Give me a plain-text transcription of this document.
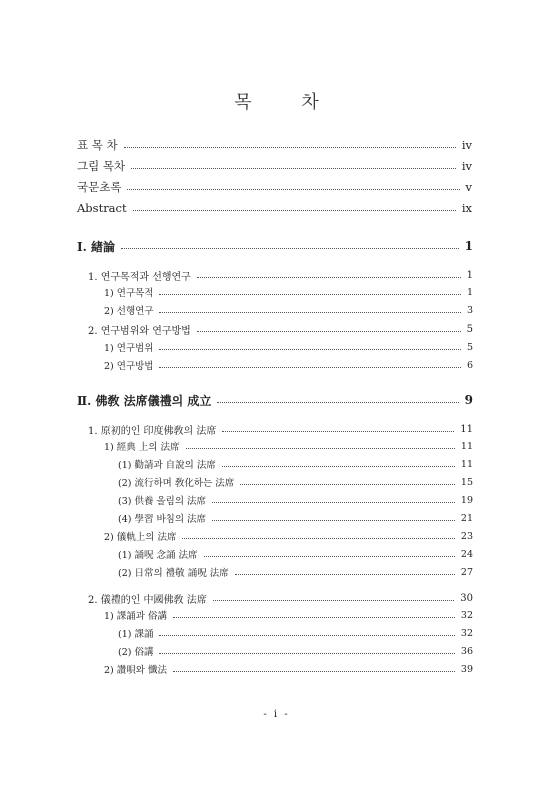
목 차
표 목 차	iv
그림 목차	iv
국문초록	v
Abstract	ix
Ⅰ. 緖論	1
1. 연구목적과 선행연구	1
1) 연구목적	1
2) 선행연구	3
2. 연구범위와 연구방법	5
1) 연구범위	5
2) 연구방법	6
Ⅱ. 佛敎 法席儀禮의 成立	9
1. 原初的인 印度佛敎의 法席	11
1) 經典 上의 法席	11
(1) 勸請과 自說의 法席	11
(2) 流行하며 敎化하는 法席	15
(3) 供養 올림의 法席	19
(4) 學習 바침의 法席	21
2) 儀軌上의 法席	23
(1) 誦呪 念誦 法席	24
(2) 日常의 禮敬 誦呪 法席	27
2. 儀禮的인 中國佛敎 法席	30
1) 課誦과 俗講	32
(1) 課誦	32
(2) 俗講	36
2) 讚唄와 懺法	39
- i -
